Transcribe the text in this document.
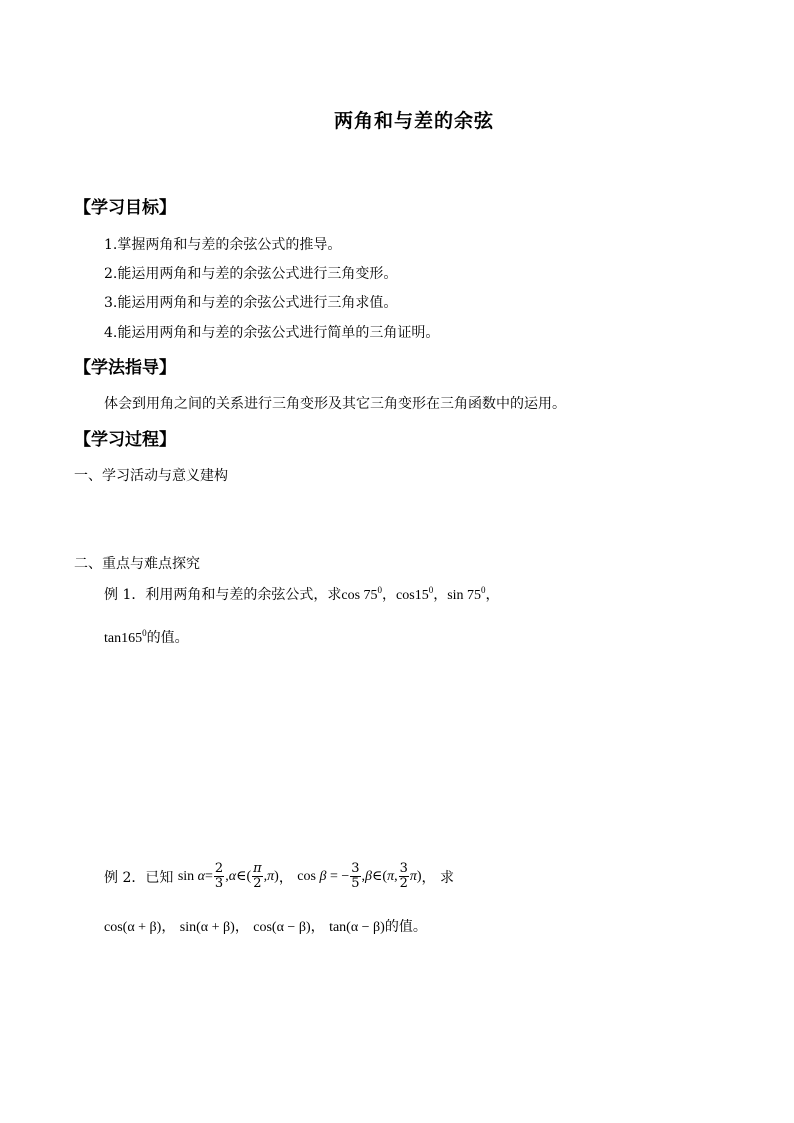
两角和与差的余弦
【学习目标】
1.掌握两角和与差的余弦公式的推导。
2.能运用两角和与差的余弦公式进行三角变形。
3.能运用两角和与差的余弦公式进行三角求值。
4.能运用两角和与差的余弦公式进行简单的三角证明。
【学法指导】
体会到用角之间的关系进行三角变形及其它三角变形在三角函数中的运用。
【学习过程】
一、学习活动与意义建构
二、重点与难点探究
例 1．利用两角和与差的余弦公式，求$\cos 75^0$，$\cos 15^0$，$\sin 75^0$，
$\tan 165^0$的值。
例 2．已知 $\sin \alpha= \frac{2}{3}$ ,α∈( $\frac{\pi}{2} ,\pi$)， cos β = − $\frac{3}{5}$ ,β∈(π, $\frac{3}{2} \pi$)， 求
cos(α + β)， sin(α + β)， cos(α − β)， tan(α − β)的值。
